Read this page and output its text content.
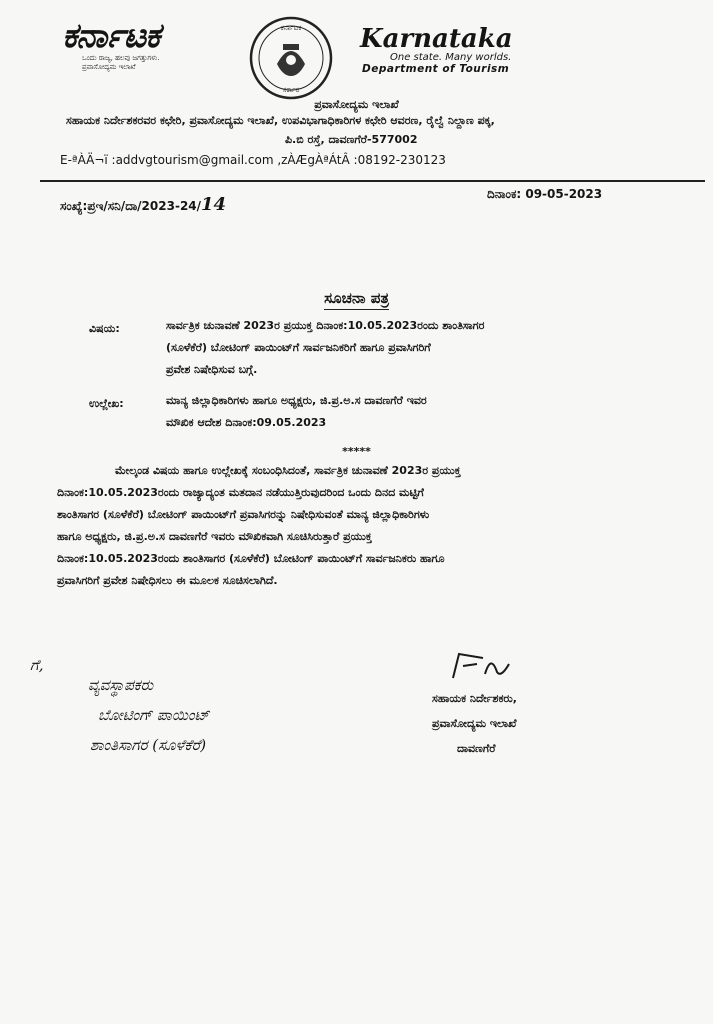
ಕರ್ನಾಟಕ
ಒಂದು ರಾಜ್ಯ, ಹಲವು ಜಗತ್ತುಗಳು.
ಪ್ರವಾಸೋದ್ಯಮ ಇಲಾಖೆ
ಕರ್ನಾಟಕ
ಸರ್ಕಾರ
Karnataka
One state. Many worlds.
Department of Tourism
ಪ್ರವಾಸೋದ್ಯಮ ಇಲಾಖೆ
ಸಹಾಯಕ ನಿರ್ದೇಶಕರವರ ಕಛೇರಿ, ಪ್ರವಾಸೋದ್ಯಮ ಇಲಾಖೆ, ಉಪವಿಭಾಗಾಧಿಕಾರಿಗಳ ಕಛೇರಿ ಆವರಣ, ರೈಲ್ವೆ ನಿಲ್ದಾಣ ಪಕ್ಕ,
ಪಿ.ಬಿ ರಸ್ತೆ, ದಾವಣಗೆರೆ-577002
E-ªÀÄ¬ï :addvgtourism@gmail.com ,zÀÆgÀªÁtÂ :08192-230123
ಸಂಖ್ಯೆ:ಪ್ರಇ/ಸನಿ/ದಾ/2023-24/14	ದಿನಾಂಕ: 09-05-2023
ಸೂಚನಾ ಪತ್ರ
ವಿಷಯ:	ಸಾರ್ವತ್ರಿಕ ಚುನಾವಣೆ 2023ರ ಪ್ರಯುಕ್ತ ದಿನಾಂಕ:10.05.2023ರಂದು ಶಾಂತಿಸಾಗರ
(ಸೂಳೆಕೆರೆ) ಬೋಟಿಂಗ್ ಪಾಯಿಂಟ್‌ಗೆ ಸಾರ್ವಜನಿಕರಿಗೆ ಹಾಗೂ ಪ್ರವಾಸಿಗರಿಗೆ
ಪ್ರವೇಶ ನಿಷೇಧಿಸುವ ಬಗ್ಗೆ.
ಉಲ್ಲೇಖ:	ಮಾನ್ಯ ಜಿಲ್ಲಾಧಿಕಾರಿಗಳು ಹಾಗೂ ಅಧ್ಯಕ್ಷರು, ಜಿ.ಪ್ರ.ಅ.ಸ ದಾವಣಗೆರೆ ಇವರ
ಮೌಖಿಕ ಆದೇಶ ದಿನಾಂಕ:09.05.2023
*****
ಮೇಲ್ಕಂಡ ವಿಷಯ ಹಾಗೂ ಉಲ್ಲೇಖಕ್ಕೆ ಸಂಬಂಧಿಸಿದಂತೆ, ಸಾರ್ವತ್ರಿಕ ಚುನಾವಣೆ 2023ರ ಪ್ರಯುಕ್ತ
ದಿನಾಂಕ:10.05.2023ರಂದು ರಾಜ್ಯಾದ್ಯಂತ ಮತದಾನ ನಡೆಯುತ್ತಿರುವುದರಿಂದ ಒಂದು ದಿನದ ಮಟ್ಟಿಗೆ
ಶಾಂತಿಸಾಗರ (ಸೂಳೆಕೆರೆ) ಬೋಟಿಂಗ್ ಪಾಯಿಂಟ್‌ಗೆ ಪ್ರವಾಸಿಗರನ್ನು ನಿಷೇಧಿಸುವಂತೆ ಮಾನ್ಯ ಜಿಲ್ಲಾಧಿಕಾರಿಗಳು
ಹಾಗೂ ಅಧ್ಯಕ್ಷರು, ಜಿ.ಪ್ರ.ಅ.ಸ ದಾವಣಗೆರೆ ಇವರು ಮೌಖಿಕವಾಗಿ ಸೂಚಿಸಿರುತ್ತಾರೆ ಪ್ರಯುಕ್ತ
ದಿನಾಂಕ:10.05.2023ರಂದು ಶಾಂತಿಸಾಗರ (ಸೂಳೆಕೆರೆ) ಬೋಟಿಂಗ್ ಪಾಯಿಂಟ್‌ಗೆ ಸಾರ್ವಜನಿಕರು ಹಾಗೂ
ಪ್ರವಾಸಿಗರಿಗೆ ಪ್ರವೇಶ ನಿಷೇಧಿಸಲು ಈ ಮೂಲಕ ಸೂಚಿಸಲಾಗಿದೆ.
ಗೆ,
ವ್ಯವಸ್ಥಾಪಕರು
ಬೋಟಿಂಗ್ ಪಾಯಿಂಟ್
ಶಾಂತಿಸಾಗರ (ಸೂಳೆಕೆರೆ)
ಸಹಾಯಕ ನಿರ್ದೇಶಕರು,
ಪ್ರವಾಸೋದ್ಯಮ ಇಲಾಖೆ
ದಾವಣಗೆರೆ
